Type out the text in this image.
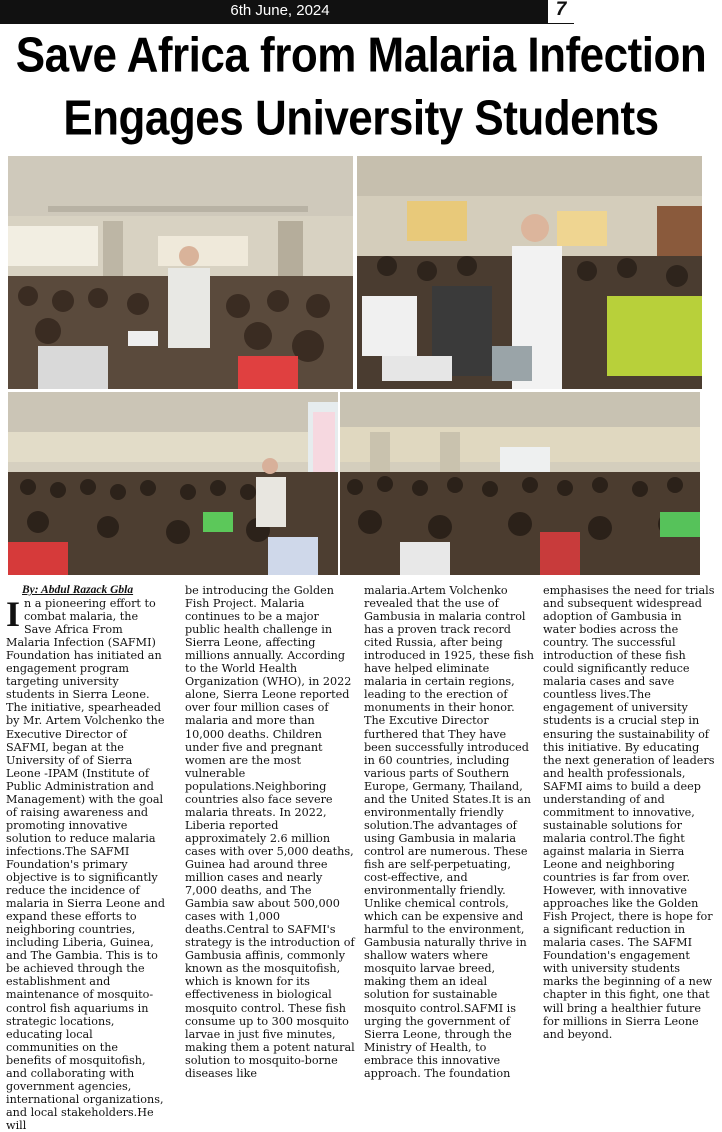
6th June, 2024	7
Save Africa from Malaria Infection
Engages University Students
By: Abdul Razack Gbla

In a pioneering effort to combat malaria, the Save Africa From Malaria Infection (SAFMI) Foundation has initiated an engagement program targeting university students in Sierra Leone. The initiative, spearheaded by Mr. Artem Volchenko the Executive Director of SAFMI, began at the University of of Sierra Leone -IPAM (Institute of Public Administration and Management) with the goal of raising awareness and promoting innovative solution to reduce malaria infections.The SAFMI Foundation's primary objective is to significantly reduce the incidence of malaria in Sierra Leone and expand these efforts to neighboring countries, including Liberia, Guinea, and The Gambia. This is to be achieved through the establishment and maintenance of mosquito-control fish aquariums in strategic locations, educating local communities on the benefits of mosquitofish, and collaborating with government agencies, international organizations, and local stakeholders.He will

be introducing the Golden Fish Project. Malaria continues to be a major public health challenge in Sierra Leone, affecting millions annually. According to the World Health Organization (WHO), in 2022 alone, Sierra Leone reported over four million cases of malaria and more than 10,000 deaths. Children under five and pregnant women are the most vulnerable populations.Neighboring countries also face severe malaria threats. In 2022, Liberia reported approximately 2.6 million cases with over 5,000 deaths, Guinea had around three million cases and nearly 7,000 deaths, and The Gambia saw about 500,000 cases with 1,000 deaths.Central to SAFMI's strategy is the introduction of Gambusia affinis, commonly known as the mosquitofish, which is known for its effectiveness in biological mosquito control. These fish consume up to 300 mosquito larvae in just five minutes, making them a potent natural solution to mosquito-borne diseases like

malaria.Artem Volchenko revealed that the use of Gambusia in malaria control has a proven track record cited Russia, after being introduced in 1925, these fish have helped eliminate malaria in certain regions, leading to the erection of monuments in their honor. The Excutive Director furthered that They have been successfully introduced in 60 countries, including various parts of Southern Europe, Germany, Thailand, and the United States.It is an environmentally friendly solution.The advantages of using Gambusia in malaria control are numerous. These fish are self-perpetuating, cost-effective, and environmentally friendly. Unlike chemical controls, which can be expensive and harmful to the environment, Gambusia naturally thrive in shallow waters where mosquito larvae breed, making them an ideal solution for sustainable mosquito control.SAFMI is urging the government of Sierra Leone, through the Ministry of Health, to embrace this innovative approach. The foundation

emphasises the need for trials and subsequent widespread adoption of Gambusia in water bodies across the country. The successful introduction of these fish could significantly reduce malaria cases and save countless lives.The engagement of university students is a crucial step in ensuring the sustainability of this initiative. By educating the next generation of leaders and health professionals, SAFMI aims to build a deep understanding of and commitment to innovative, sustainable solutions for malaria control.The fight against malaria in Sierra Leone and neighboring countries is far from over. However, with innovative approaches like the Golden Fish Project, there is hope for a significant reduction in malaria cases. The SAFMI Foundation's engagement with university students marks the beginning of a new chapter in this fight, one that will bring a healthier future for millions in Sierra Leone and beyond.
